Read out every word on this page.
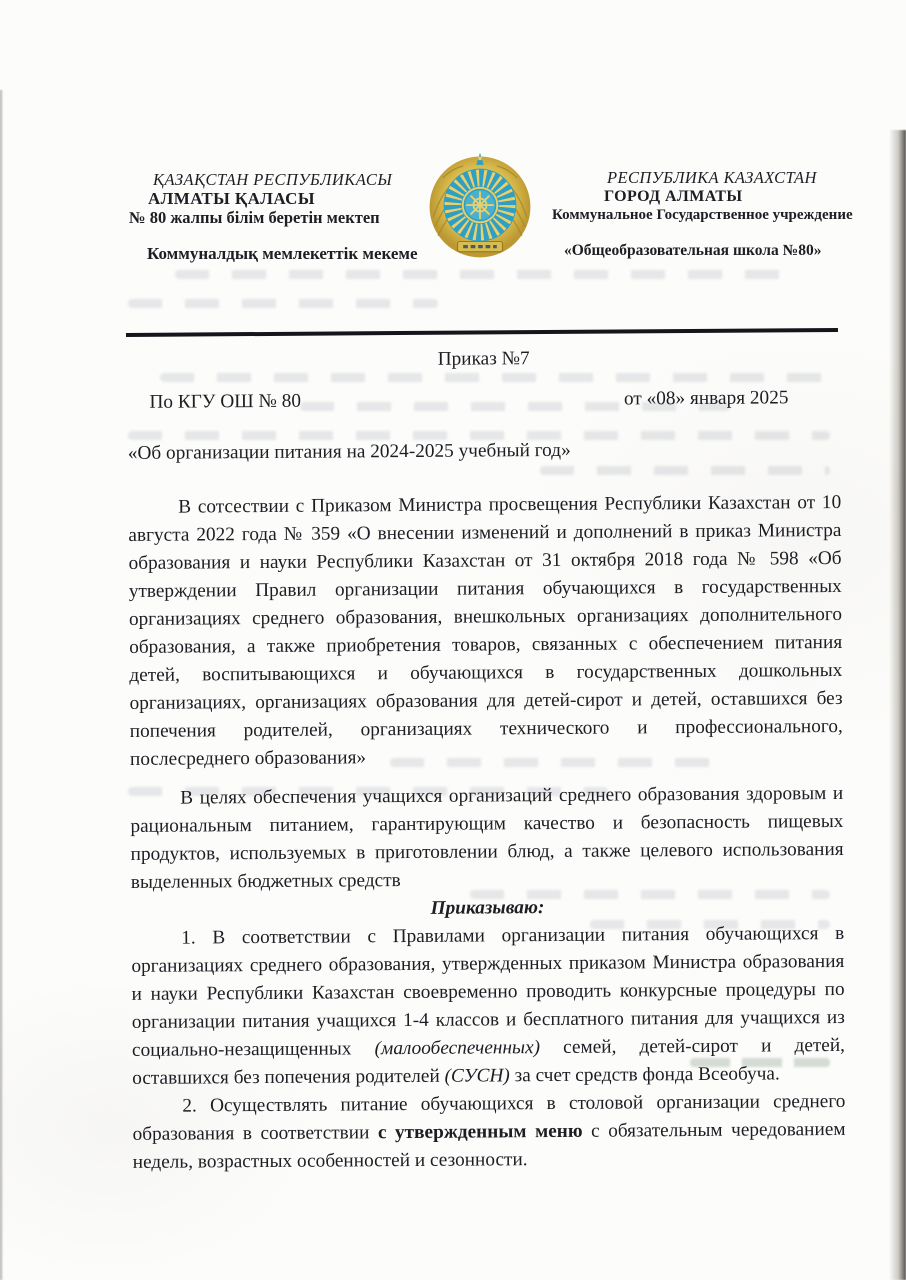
ҚАЗАҚСТАН РЕСПУБЛИКАСЫ
АЛМАТЫ ҚАЛАСЫ
№ 80 жалпы білім беретін мектеп
Коммуналдық мемлекеттік мекеме
РЕСПУБЛИКА КАЗАХСТАН
ГОРОД АЛМАТЫ
Коммунальное Государственное учреждение
«Общеобразовательная школа №80»

Приказ №7

По КГУ ОШ № 80	от «08» января 2025

«Об организации питания на 2024-2025 учебный год»

В сотсествии с Приказом Министра просвещения Республики Казахстан от 10 августа 2022 года № 359 «О внесении изменений и дополнений в приказ Министра образования и науки Республики Казахстан от 31 октября 2018 года № 598 «Об утверждении Правил организации питания обучающихся в государственных организациях среднего образования, внешкольных организациях дополнительного образования, а также приобретения товаров, связанных с обеспечением питания детей, воспитывающихся и обучающихся в государственных дошкольных организациях, организациях образования для детей-сирот и детей, оставшихся без попечения родителей, организациях технического и профессионального, послесреднего образования»

В целях обеспечения учащихся организаций среднего образования здоровым и рациональным питанием, гарантирующим качество и безопасность пищевых продуктов, используемых в приготовлении блюд, а также целевого использования выделенных бюджетных средств

Приказываю:

1. В соответствии с Правилами организации питания обучающихся в организациях среднего образования, утвержденных приказом Министра образования и науки Республики Казахстан своевременно проводить конкурсные процедуры по организации питания учащихся 1-4 классов и бесплатного питания для учащихся из социально-незащищенных (малообеспеченных) семей, детей-сирот и детей, оставшихся без попечения родителей (СУСН) за счет средств фонда Всеобуча.

2. Осуществлять питание обучающихся в столовой организации среднего образования в соответствии с утвержденным меню с обязательным чередованием недель, возрастных особенностей и сезонности.
